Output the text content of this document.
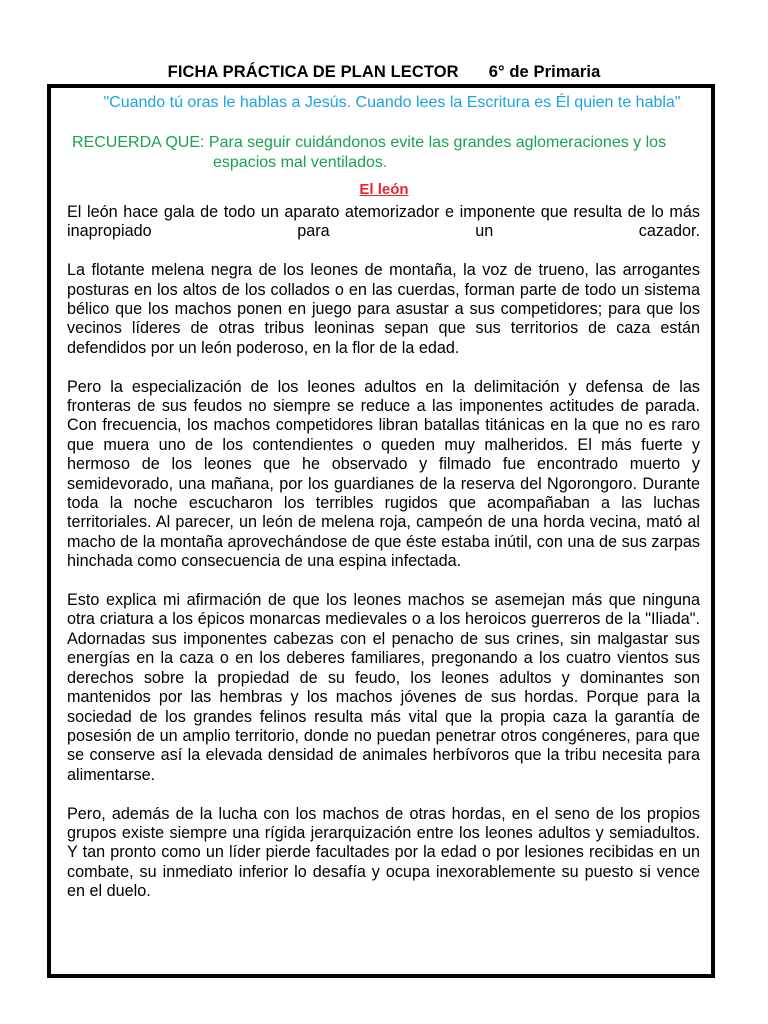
FICHA PRÁCTICA DE PLAN LECTOR 6° de Primaria
"Cuando tú oras le hablas a Jesús. Cuando lees la Escritura es Él quien te habla"
RECUERDA QUE: Para seguir cuidándonos evite las grandes aglomeraciones y los
espacios mal ventilados.
El león

El león hace gala de todo un aparato atemorizador e imponente que resulta de lo más inapropiado para un cazador.

La flotante melena negra de los leones de montaña, la voz de trueno, las arrogantes posturas en los altos de los collados o en las cuerdas, forman parte de todo un sistema bélico que los machos ponen en juego para asustar a sus competidores; para que los vecinos líderes de otras tribus leoninas sepan que sus territorios de caza están defendidos por un león poderoso, en la flor de la edad.

Pero la especialización de los leones adultos en la delimitación y defensa de las fronteras de sus feudos no siempre se reduce a las imponentes actitudes de parada. Con frecuencia, los machos competidores libran batallas titánicas en la que no es raro que muera uno de los contendientes o queden muy malheridos. El más fuerte y hermoso de los leones que he observado y filmado fue encontrado muerto y semidevorado, una mañana, por los guardianes de la reserva del Ngorongoro. Durante toda la noche escucharon los terribles rugidos que acompañaban a las luchas territoriales. Al parecer, un león de melena roja, campeón de una horda vecina, mató al macho de la montaña aprovechándose de que éste estaba inútil, con una de sus zarpas hinchada como consecuencia de una espina infectada.

Esto explica mi afirmación de que los leones machos se asemejan más que ninguna otra criatura a los épicos monarcas medievales o a los heroicos guerreros de la "Iliada". Adornadas sus imponentes cabezas con el penacho de sus crines, sin malgastar sus energías en la caza o en los deberes familiares, pregonando a los cuatro vientos sus derechos sobre la propiedad de su feudo, los leones adultos y dominantes son mantenidos por las hembras y los machos jóvenes de sus hordas. Porque para la sociedad de los grandes felinos resulta más vital que la propia caza la garantía de posesión de un amplio territorio, donde no puedan penetrar otros congéneres, para que se conserve así la elevada densidad de animales herbívoros que la tribu necesita para alimentarse.

Pero, además de la lucha con los machos de otras hordas, en el seno de los propios grupos existe siempre una rígida jerarquización entre los leones adultos y semiadultos. Y tan pronto como un líder pierde facultades por la edad o por lesiones recibidas en un combate, su inmediato inferior lo desafía y ocupa inexorablemente su puesto si vence en el duelo.
